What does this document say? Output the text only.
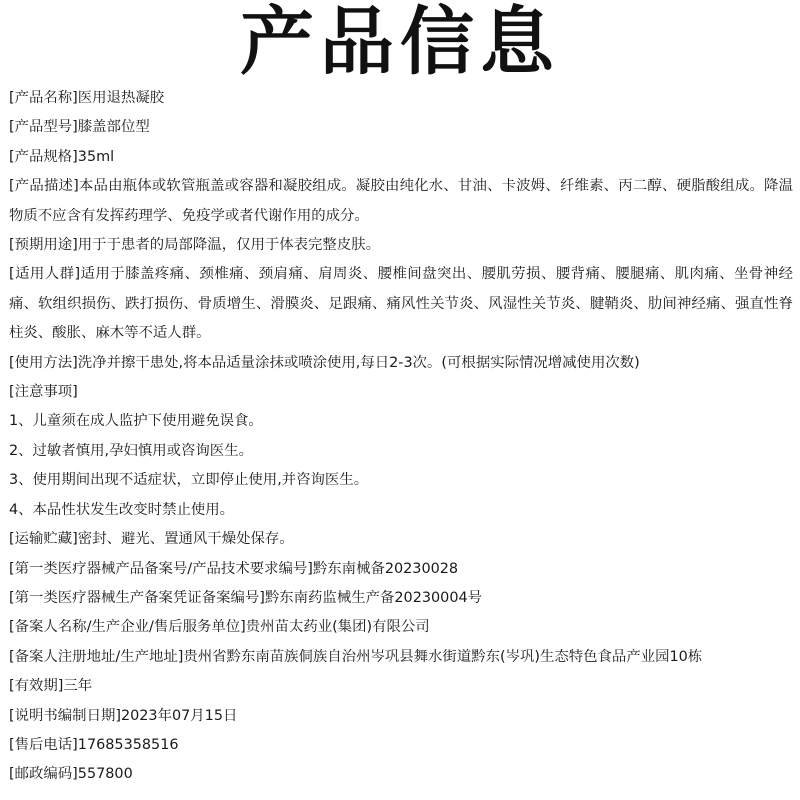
产品信息

[产品名称]医用退热凝胶

[产品型号]膝盖部位型

[产品规格]35ml

[产品描述]本品由瓶体或软管瓶盖或容器和凝胶组成。凝胶由纯化水、甘油、卡波姆、纤维素、丙二醇、硬脂酸组成。降温物质不应含有发挥药理学、免疫学或者代谢作用的成分。

[预期用途]用于于患者的局部降温，仅用于体表完整皮肤。

[适用人群]适用于膝盖疼痛、颈椎痛、颈肩痛、肩周炎、腰椎间盘突出、腰肌劳损、腰背痛、腰腿痛、肌肉痛、坐骨神经痛、软组织损伤、跌打损伤、骨质增生、滑膜炎、足跟痛、痛风性关节炎、风湿性关节炎、腱鞘炎、肋间神经痛、强直性脊柱炎、酸胀、麻木等不适人群。

[使用方法]洗净并擦干患处,将本品适量涂抹或喷涂使用,每日2-3次。(可根据实际情况增减使用次数)

[注意事项]

1、儿童须在成人监护下使用避免误食。

2、过敏者慎用,孕妇慎用或咨询医生。

3、使用期间出现不适症状，立即停止使用,并咨询医生。

4、本品性状发生改变时禁止使用。

[运输贮藏]密封、避光、置通风干燥处保存。

[第一类医疗器械产品备案号/产品技术要求编号]黔东南械备20230028

[第一类医疗器械生产备案凭证备案编号]黔东南药监械生产备20230004号

[备案人名称/生产企业/售后服务单位]贵州苗太药业(集团)有限公司

[备案人注册地址/生产地址]贵州省黔东南苗族侗族自治州岑巩县舞水街道黔东(岑巩)生态特色食品产业园10栋

[有效期]三年

[说明书编制日期]2023年07月15日

[售后电话]17685358516

[邮政编码]557800
